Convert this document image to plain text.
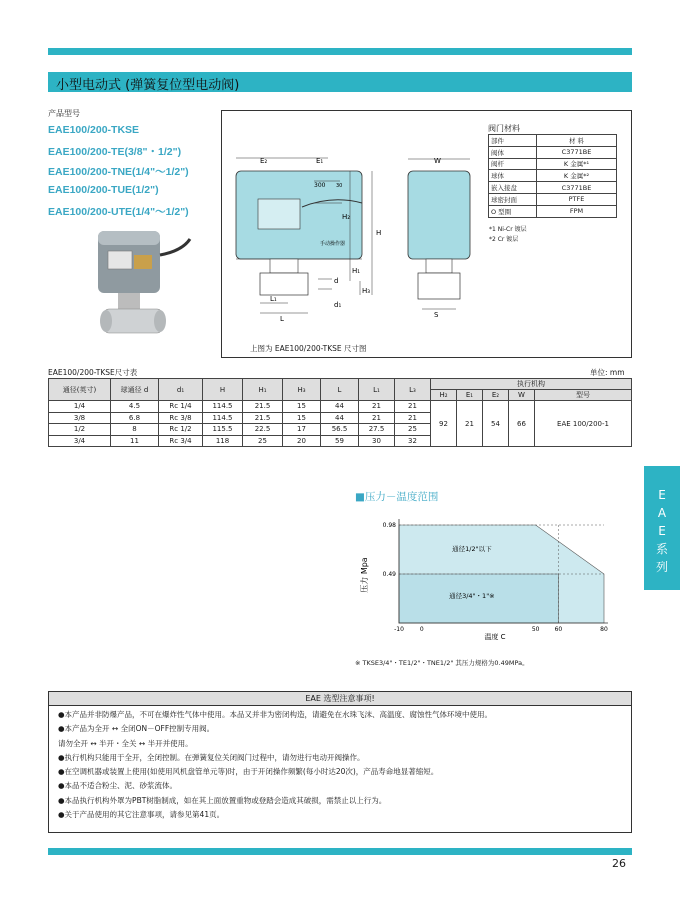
小型电动式 (弹簧复位型电动阀)
产品型号
EAE100/200-TKSE
EAE100/200-TE(3/8"・1/2")
EAE100/200-TNE(1/4"～1/2")
EAE100/200-TUE(1/2")
EAE100/200-UTE(1/4"～1/2")
E₂	E₁
300 30
H₂
H
H₁
H₃
L₁
L
d
d₁
手动操作器
W
S
上图为 EAE100/200-TKSE 尺寸图
阀门材料
部件	材 料
阀体	C3771BE
阀杆	K 金属*¹
球体	K 金属*²
嵌入接盘	C3771BE
球密封面	PTFE
O 型圈	FPM
*1 Ni-Cr 镀层
*2 Cr 镀层
EAE100/200-TKSE尺寸表	单位: mm
通径(英寸)	球通径 d	d₁	H	H₁	H₃	L	L₁	L₃	执行机构				
									H₂	E₁	E₂	W	型号
1/4	4.5	Rc 1/4	114.5	21.5	15	44	21	21	92	21	54	66	EAE 100/200-1
3/8	6.8	Rc 3/8	114.5	21.5	15	44	21	21					
1/2	8	Rc 1/2	115.5	22.5	17	56.5	27.5	25					
3/4	11	Rc 3/4	118	25	20	59	30	32					
E
A
E
系
列
■压力－温度范围
-10	0	50	60	80
0.98
0.49
通径1/2"以下
通径3/4"・1"※
压力 Mpa
温度 C
※ TKSE3/4"・TE1/2"・TNE1/2" 其压力规格为0.49MPa。
EAE 选型注意事项!
●本产品并非防爆产品，不可在爆炸性气体中使用。本品又并非为密闭构造，请避免在水珠飞沫、高温度、腐蚀性气体环境中使用。
●本产品为全开 ↔ 全闭ON－OFF控制专用阀。
请勿全开 ↔ 半开・全关 ↔ 半开并使用。
●执行机构只能用于全开，全闭控制。在弹簧复位关闭阀门过程中，请勿进行电动开阀操作。
●在空调机器或装置上使用(如使用风机盘管单元等)时，由于开闭操作频繁(每小时达20次)，产品寿命地显著缩短。
●本品不适合粉尘、泥、砂浆流体。
●本品执行机构外罩为PBT树脂制成，如在其上面放置重物或登踏会造成其破损，需禁止以上行为。
●关于产品使用的其它注意事项，请参见第41页。
26
